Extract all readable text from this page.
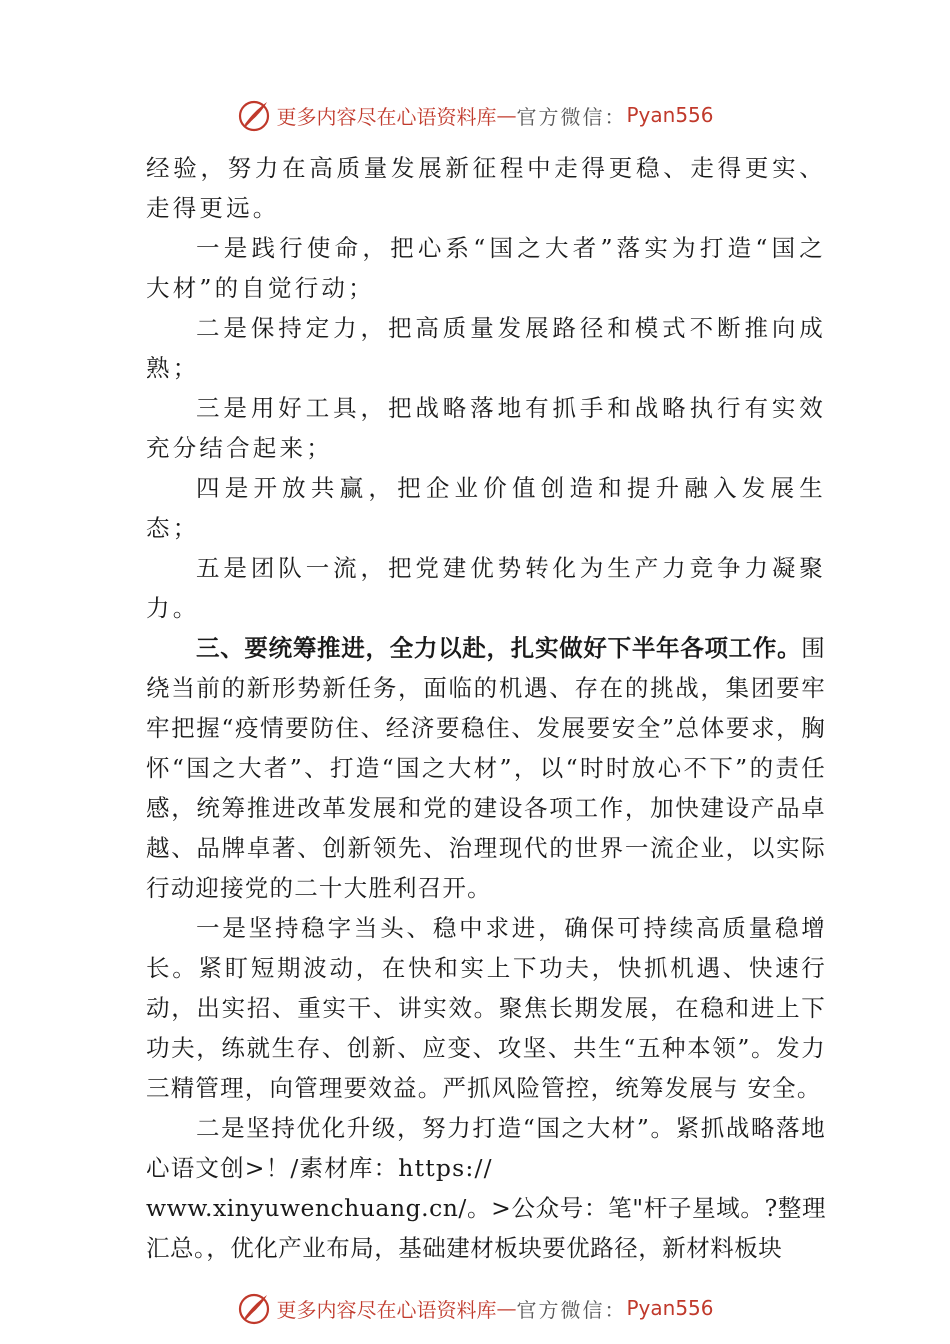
更多内容尽在心语资料库 — 官方微信： Pyan556

经验，努力在高质量发展新征程中走得更稳、走得更实、走得更远。

一是践行使命，把心系“国之大者”落实为打造“国之大材”的自觉行动；

二是保持定力，把高质量发展路径和模式不断推向成熟；

三是用好工具，把战略落地有抓手和战略执行有实效充分结合起来；

四是开放共赢，把企业价值创造和提升融入发展生态；

五是团队一流，把党建优势转化为生产力竞争力凝聚力。

三、要统筹推进，全力以赴，扎实做好下半年各项工作。围绕当前的新形势新任务，面临的机遇、存在的挑战，集团要牢牢把握“疫情要防住、经济要稳住、发展要安全”总体要求，胸怀“国之大者”、打造“国之大材”，以“时时放心不下”的责任感，统筹推进改革发展和党的建设各项工作，加快建设产品卓越、品牌卓著、创新领先、治理现代的世界一流企业，以实际行动迎接党的二十大胜利召开。

一是坚持稳字当头、稳中求进，确保可持续高质量稳增长。紧盯短期波动，在快和实上下功夫，快抓机遇、快速行动，出实招、重实干、讲实效。聚焦长期发展，在稳和进上下功夫，练就生存、创新、应变、攻坚、共生“五种本领”。发力三精管理，向管理要效益。严抓风险管控，统筹发展与 安全。

二是坚持优化升级，努力打造“国之大材”。紧抓战略落地心语文创>！/素材库：https://

www.xinyuwenchuang.cn/。>公众号：笔"杆子星域。?整理汇总。，优化产业布局，基础建材板块要优路径，新材料板块

更多内容尽在心语资料库 — 官方微信： Pyan556
